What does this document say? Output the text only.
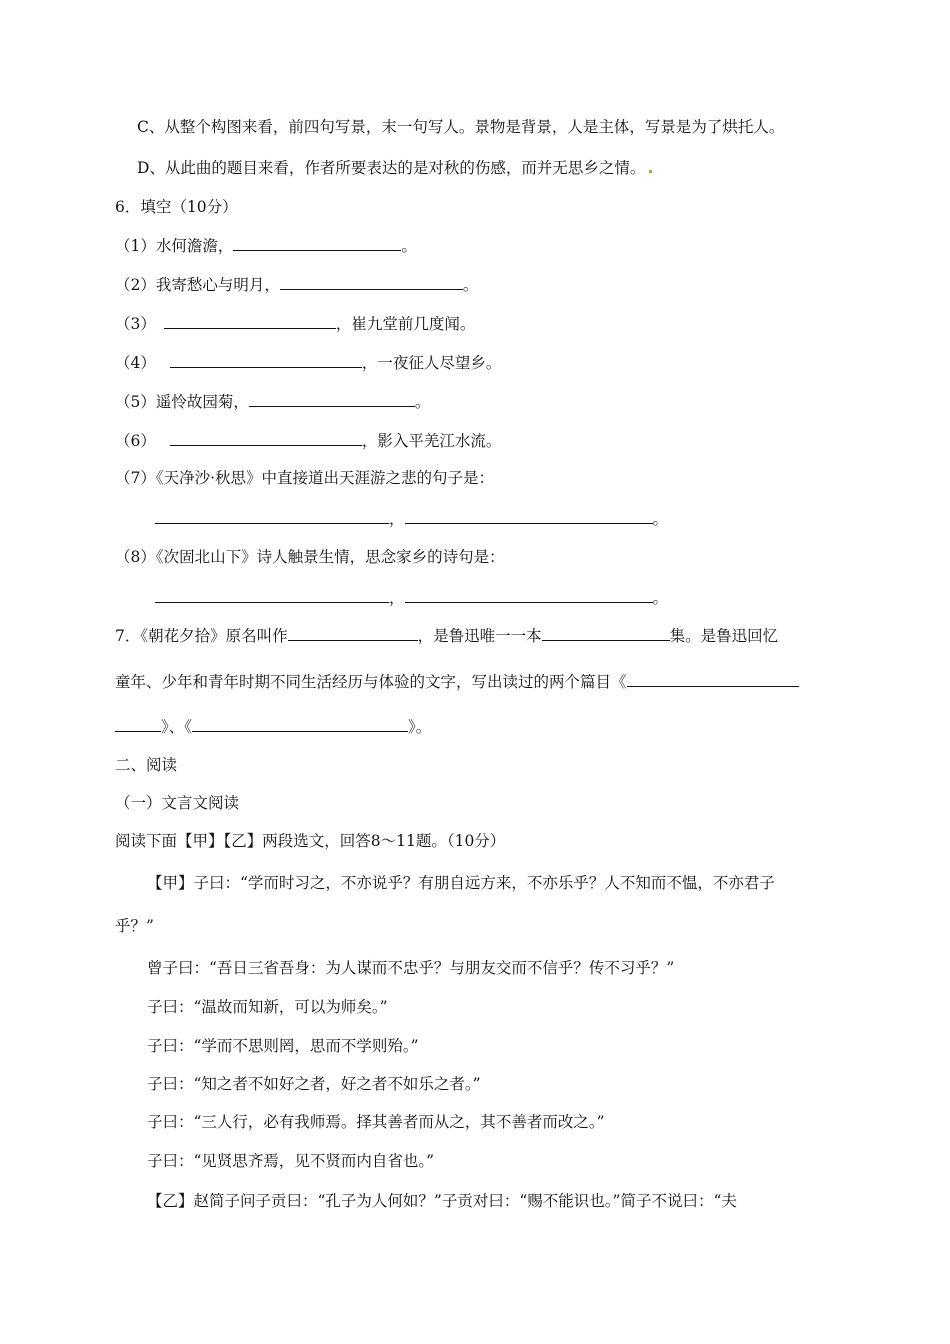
C、从整个构图来看，前四句写景，末一句写人。景物是背景，人是主体，写景是为了烘托人。
D、从此曲的题目来看，作者所要表达的是对秋的伤感，而并无思乡之情。
6．填空（10分）
（1）水何澹澹，	。
（2）我寄愁心与明月，	。
（3）	，崔九堂前几度闻。
（4）	，一夜征人尽望乡。
（5）遥怜故园菊，	。
（6）	，影入平羌江水流。
（7）《天净沙·秋思》中直接道出天涯游之悲的句子是：
，	。
（8）《次固北山下》诗人触景生情，思念家乡的诗句是：
，	。
7．《朝花夕拾》原名叫作	，是鲁迅唯一一本	集。是鲁迅回忆
童年、少年和青年时期不同生活经历与体验的文字，写出读过的两个篇目《
》、《	》。
二、阅读
（一）文言文阅读
阅读下面【甲】【乙】两段选文，回答8～11题。（10分）
【甲】子曰：“学而时习之，不亦说乎？有朋自远方来，不亦乐乎？人不知而不愠，不亦君子
乎？”
曾子曰：“吾日三省吾身：为人谋而不忠乎？与朋友交而不信乎？传不习乎？”
子曰：“温故而知新，可以为师矣。”
子曰：“学而不思则罔，思而不学则殆。”
子曰：“知之者不如好之者，好之者不如乐之者。”
子曰：“三人行，必有我师焉。择其善者而从之，其不善者而改之。”
子曰：“见贤思齐焉，见不贤而内自省也。”
【乙】赵简子问子贡曰：“孔子为人何如？”子贡对曰：“赐不能识也。”简子不说曰：“夫
